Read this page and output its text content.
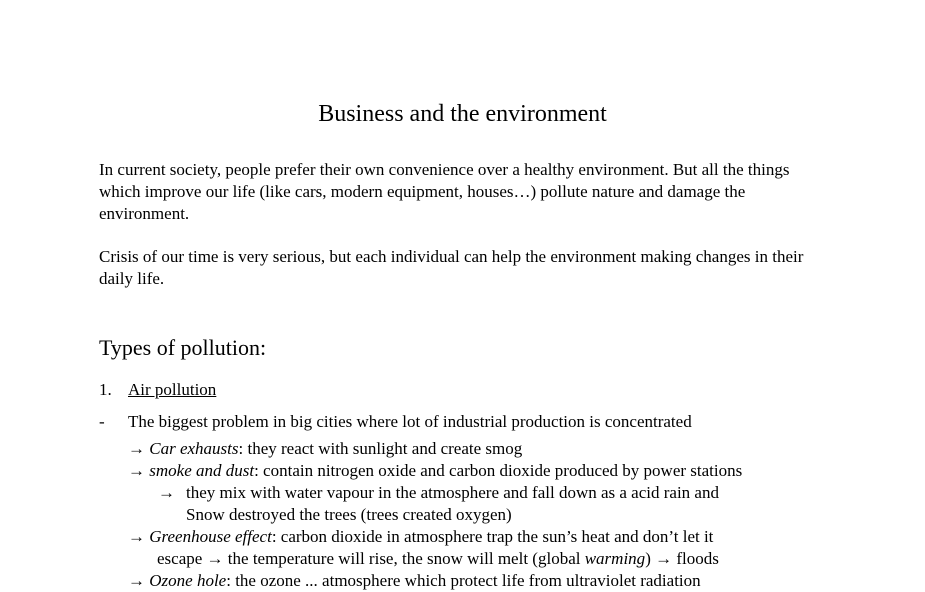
Business and the environment
In current society, people prefer their own convenience over a healthy environment. But all the things which improve our life (like cars, modern equipment, houses…) pollute nature and damage the environment.
Crisis of our time is very serious, but each individual can help the environment making changes in their daily life.
Types of pollution:
1. Air pollution
- The biggest problem in big cities where lot of industrial production is concentrated
→ Car exhausts: they react with sunlight and create smog
→ smoke and dust: contain nitrogen oxide and carbon dioxide produced by power stations
→ they mix with water vapour in the atmosphere and fall down as a acid rain and
Snow destroyed the trees (trees created oxygen)
→ Greenhouse effect: carbon dioxide in atmosphere trap the sun’s heat and don’t let it
escape → the temperature will rise, the snow will melt (global warming) → floods
→ Ozone hole: the ozone ... atmosphere which protect life from ultraviolet radiation
